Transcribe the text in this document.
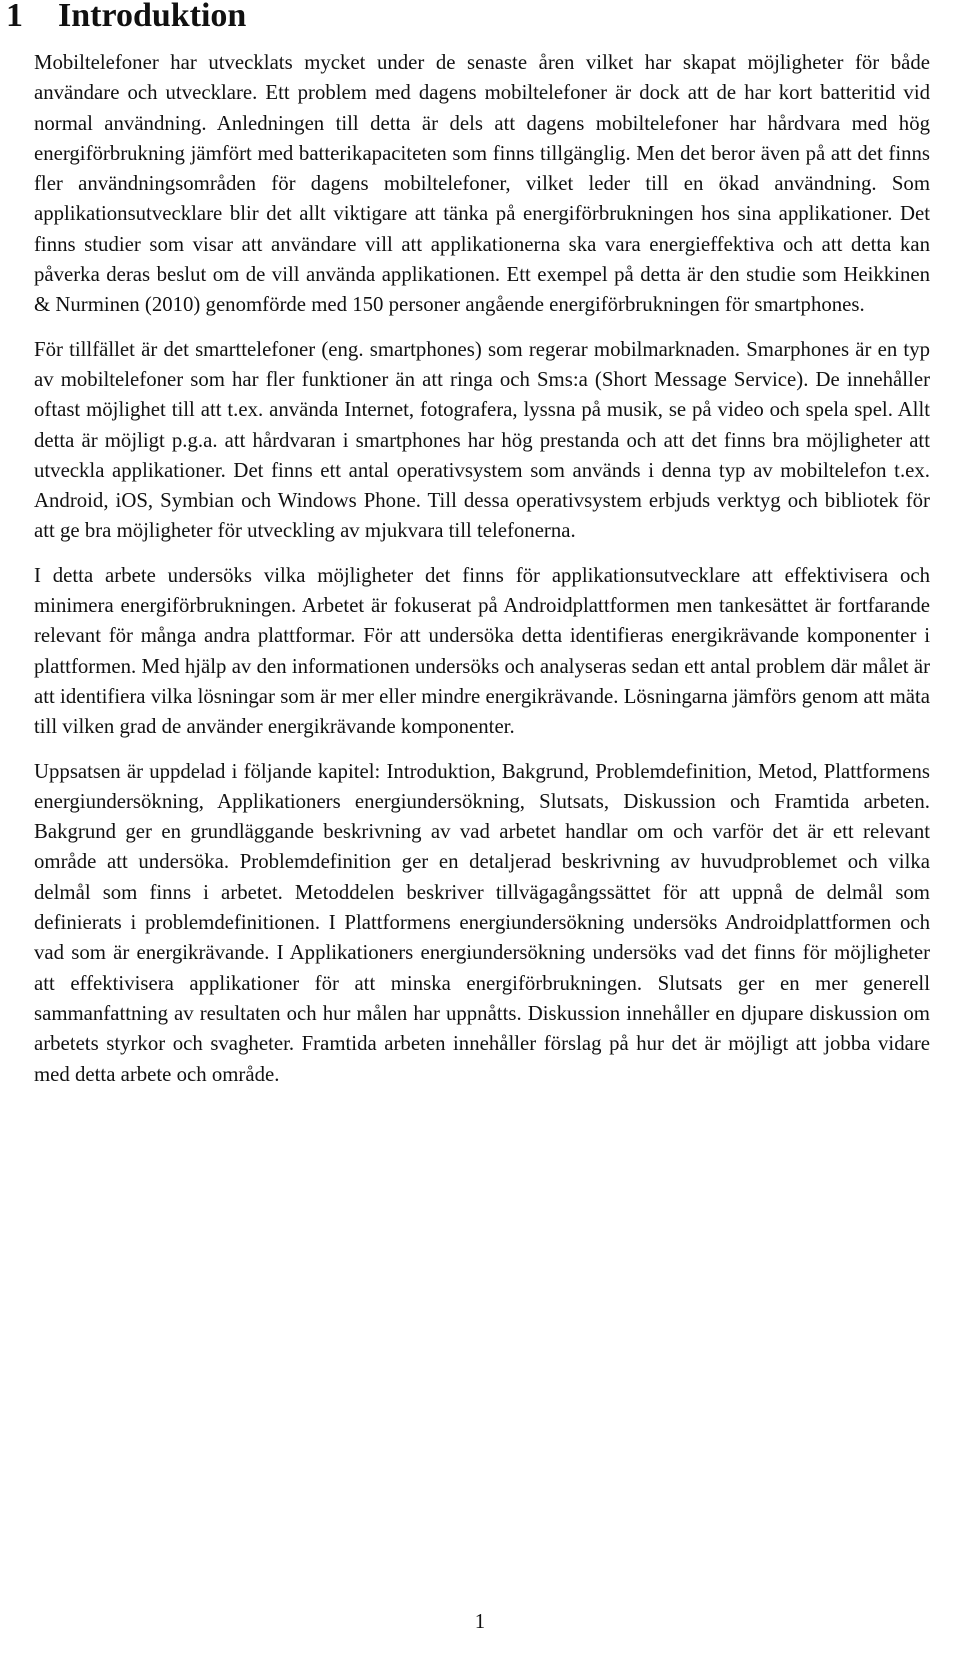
1 Introduktion

Mobiltelefoner har utvecklats mycket under de senaste åren vilket har skapat möjligheter för både användare och utvecklare. Ett problem med dagens mobiltelefoner är dock att de har kort batteritid vid normal användning. Anledningen till detta är dels att dagens mobiltelefoner har hårdvara med hög energiförbrukning jämfört med batterikapaciteten som finns tillgänglig. Men det beror även på att det finns fler användningsområden för dagens mobiltelefoner, vilket leder till en ökad användning. Som applikationsutvecklare blir det allt viktigare att tänka på energiförbrukningen hos sina applikationer. Det finns studier som visar att användare vill att applikationerna ska vara energieffektiva och att detta kan påverka deras beslut om de vill använda applikationen. Ett exempel på detta är den studie som Heikkinen & Nurminen (2010) genomförde med 150 personer angående energiförbrukningen för smartphones.

För tillfället är det smarttelefoner (eng. smartphones) som regerar mobilmarknaden. Smarphones är en typ av mobiltelefoner som har fler funktioner än att ringa och Sms:a (Short Message Service). De innehåller oftast möjlighet till att t.ex. använda Internet, fotografera, lyssna på musik, se på video och spela spel. Allt detta är möjligt p.g.a. att hårdvaran i smartphones har hög prestanda och att det finns bra möjligheter att utveckla applikationer. Det finns ett antal operativsystem som används i denna typ av mobiltelefon t.ex. Android, iOS, Symbian och Windows Phone. Till dessa operativsystem erbjuds verktyg och bibliotek för att ge bra möjligheter för utveckling av mjukvara till telefonerna.

I detta arbete undersöks vilka möjligheter det finns för applikationsutvecklare att effektivisera och minimera energiförbrukningen. Arbetet är fokuserat på Androidplattformen men tankesättet är fortfarande relevant för många andra plattformar. För att undersöka detta identifieras energikrävande komponenter i plattformen. Med hjälp av den informationen undersöks och analyseras sedan ett antal problem där målet är att identifiera vilka lösningar som är mer eller mindre energikrävande. Lösningarna jämförs genom att mäta till vilken grad de använder energikrävande komponenter.

Uppsatsen är uppdelad i följande kapitel: Introduktion, Bakgrund, Problemdefinition, Metod, Plattformens energiundersökning, Applikationers energiundersökning, Slutsats, Diskussion och Framtida arbeten. Bakgrund ger en grundläggande beskrivning av vad arbetet handlar om och varför det är ett relevant område att undersöka. Problemdefinition ger en detaljerad beskrivning av huvudproblemet och vilka delmål som finns i arbetet. Metoddelen beskriver tillvägagångssättet för att uppnå de delmål som definierats i problemdefinitionen. I Plattformens energiundersökning undersöks Androidplattformen och vad som är energikrävande. I Applikationers energiundersökning undersöks vad det finns för möjligheter att effektivisera applikationer för att minska energiförbrukningen. Slutsats ger en mer generell sammanfattning av resultaten och hur målen har uppnåtts. Diskussion innehåller en djupare diskussion om arbetets styrkor och svagheter. Framtida arbeten innehåller förslag på hur det är möjligt att jobba vidare med detta arbete och område.

1
